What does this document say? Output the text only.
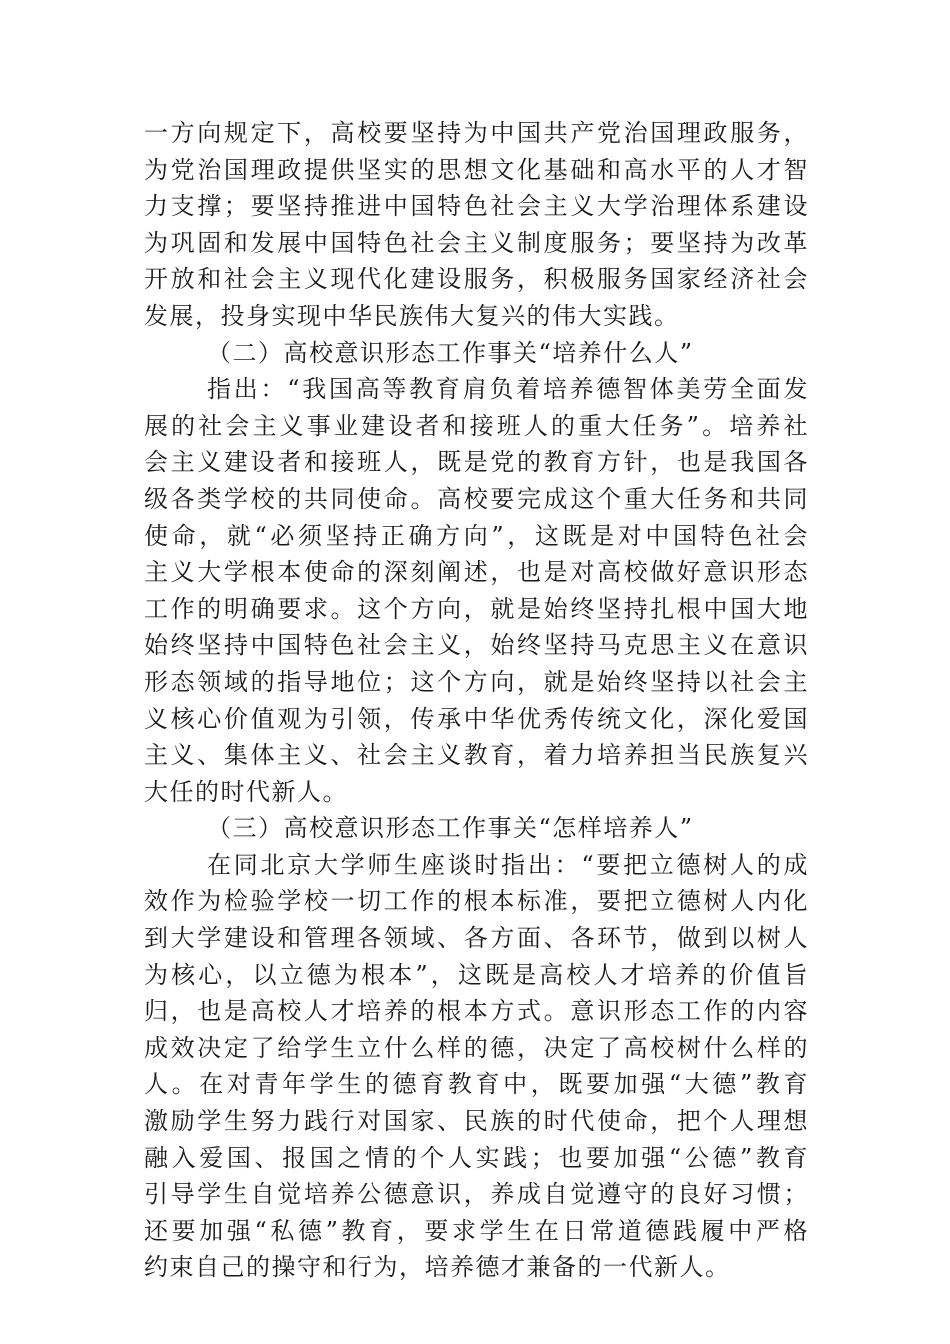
一方向规定下，高校要坚持为中国共产党治国理政服务，
为党治国理政提供坚实的思想文化基础和高水平的人才智
力支撑；要坚持推进中国特色社会主义大学治理体系建设
为巩固和发展中国特色社会主义制度服务；要坚持为改革
开放和社会主义现代化建设服务，积极服务国家经济社会
发展，投身实现中华民族伟大复兴的伟大实践。
（二）高校意识形态工作事关“培养什么人”
指出：“我国高等教育肩负着培养德智体美劳全面发
展的社会主义事业建设者和接班人的重大任务”。培养社
会主义建设者和接班人，既是党的教育方针，也是我国各
级各类学校的共同使命。高校要完成这个重大任务和共同
使命，就“必须坚持正确方向”，这既是对中国特色社会
主义大学根本使命的深刻阐述，也是对高校做好意识形态
工作的明确要求。这个方向，就是始终坚持扎根中国大地
始终坚持中国特色社会主义，始终坚持马克思主义在意识
形态领域的指导地位；这个方向，就是始终坚持以社会主
义核心价值观为引领，传承中华优秀传统文化，深化爱国
主义、集体主义、社会主义教育，着力培养担当民族复兴
大任的时代新人。
（三）高校意识形态工作事关“怎样培养人”
在同北京大学师生座谈时指出：“要把立德树人的成
效作为检验学校一切工作的根本标准，要把立德树人内化
到大学建设和管理各领域、各方面、各环节，做到以树人
为核心，以立德为根本”，这既是高校人才培养的价值旨
归，也是高校人才培养的根本方式。意识形态工作的内容
成效决定了给学生立什么样的德，决定了高校树什么样的
人。在对青年学生的德育教育中，既要加强“大德”教育
激励学生努力践行对国家、民族的时代使命，把个人理想
融入爱国、报国之情的个人实践；也要加强“公德”教育
引导学生自觉培养公德意识，养成自觉遵守的良好习惯；
还要加强“私德”教育，要求学生在日常道德践履中严格
约束自己的操守和行为，培养德才兼备的一代新人。
